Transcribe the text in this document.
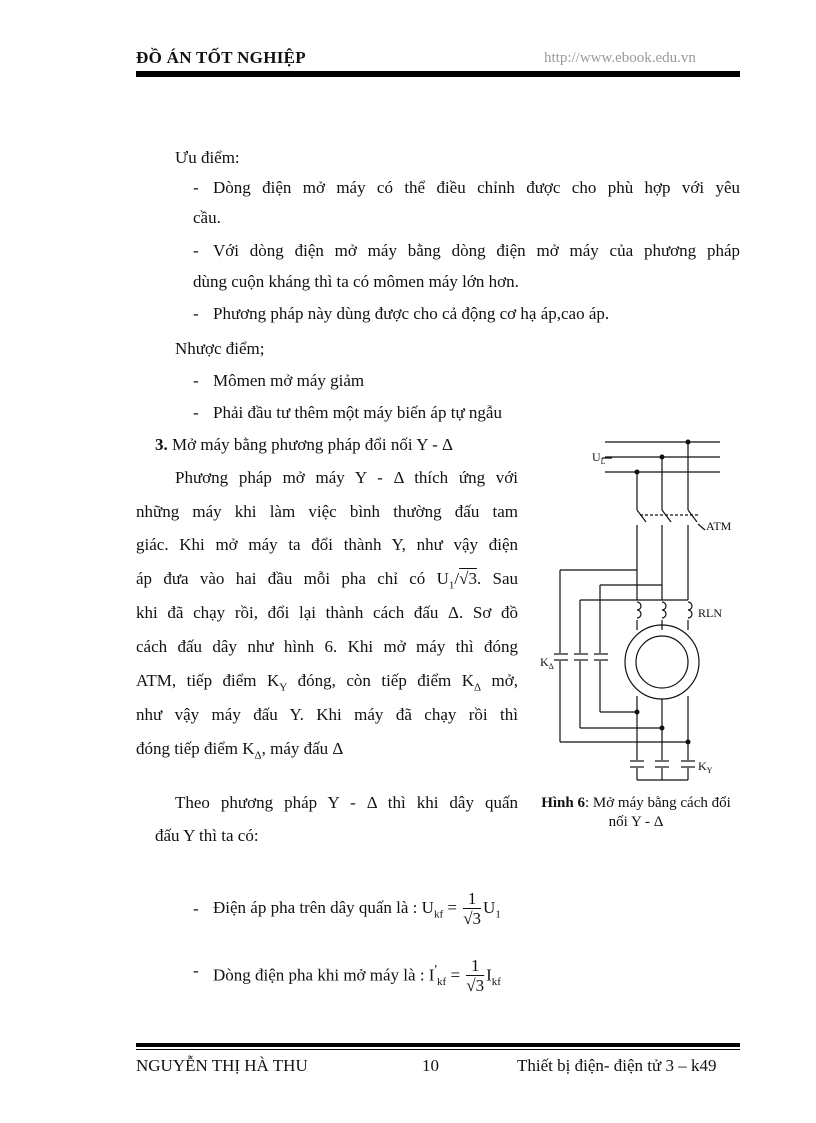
ĐỒ ÁN TỐT NGHIỆP	http://www.ebook.edu.vn
Ưu điểm:
- Dòng điện mở máy có thể điều chỉnh được cho phù hợp với yêu
cầu.
- Với dòng điện mở máy bằng dòng điện mở máy của phương pháp
dùng cuộn kháng thì ta có mômen máy lớn hơn.
- Phương pháp này dùng được cho cả động cơ hạ áp,cao áp.
Nhược điểm;
- Mômen mở máy giảm
- Phải đầu tư thêm một máy biến áp tự ngẫu
3. Mở máy bằng phương pháp đổi nối Y - Δ
Phương pháp mở máy Y - Δ thích ứng với
những máy khi làm việc bình thường đấu tam
giác. Khi mở máy ta đổi thành Y, như vậy điện
áp đưa vào hai đầu mỗi pha chỉ có $U_1/√3$. Sau
khi đã chạy rồi, đổi lại thành cách đấu Δ. Sơ đồ
cách đấu dây như hình 6. Khi mở máy thì đóng
ATM, tiếp điểm $K_Y$ đóng, còn tiếp điểm $K_\Delta$ mở,
như vậy máy đấu Y. Khi máy đã chạy rồi thì
đóng tiếp điểm $K_\Delta$, máy đấu Δ
Theo phương pháp Y - Δ thì khi dây quấn
đấu Y thì ta có:
$U_L$
ATM
RLN
$K_\Delta$
$K_Y$
Hình 6: Mở máy bằng cách đổi
nối Y - Δ
- Điện áp pha trên dây quấn là : $U_{kf} = \frac{1}{√3} U_1$
- Dòng điện pha khi mở máy là : $I'_{kf} = \frac{1}{√3} I_{kf}$
NGUYỄN THỊ HÀ THU	10	Thiết bị điện- điện tử 3 – k49
